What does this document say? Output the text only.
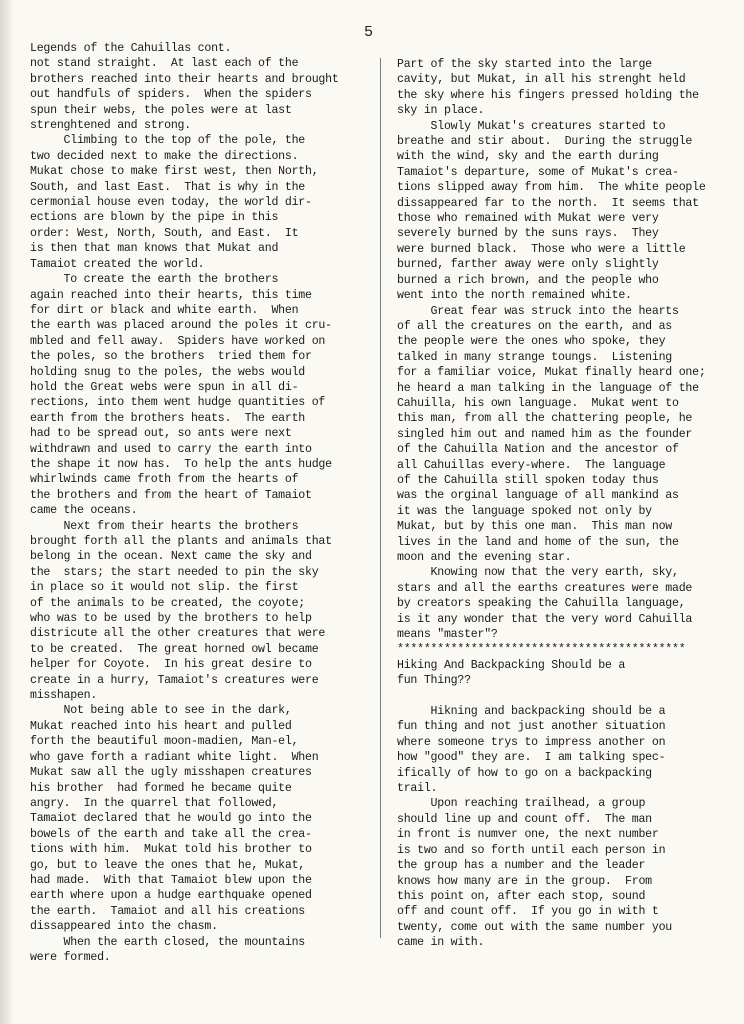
5
Legends of the Cahuillas cont.

not stand straight.  At last each of the
brothers reached into their hearts and brought
out handfuls of spiders.  When the spiders
spun their webs, the poles were at last
strenghtened and strong.

Climbing to the top of the pole, the
two decided next to make the directions.
Mukat chose to make first west, then North,
South, and last East.  That is why in the
cermonial house even today, the world dir-
ections are blown by the pipe in this
order: West, North, South, and East.  It
is then that man knows that Mukat and
Tamaiot created the world.

To create the earth the brothers
again reached into their hearts, this time
for dirt or black and white earth.  When
the earth was placed around the poles it cru-
mbled and fell away.  Spiders have worked on
the poles, so the brothers  tried them for
holding snug to the poles, the webs would
hold the Great webs were spun in all di-
rections, into them went hudge quantities of
earth from the brothers heats.  The earth
had to be spread out, so ants were next
withdrawn and used to carry the earth into
the shape it now has.  To help the ants hudge
whirlwinds came froth from the hearts of
the brothers and from the heart of Tamaiot
came the oceans.

Next from their hearts the brothers
brought forth all the plants and animals that
belong in the ocean. Next came the sky and
the  stars; the start needed to pin the sky
in place so it would not slip. the first
of the animals to be created, the coyote;
who was to be used by the brothers to help
districute all the other creatures that were
to be created.  The great horned owl became
helper for Coyote.  In his great desire to
create in a hurry, Tamaiot's creatures were
misshapen.

Not being able to see in the dark,
Mukat reached into his heart and pulled
forth the beautiful moon-madien, Man-el,
who gave forth a radiant white light.  When
Mukat saw all the ugly misshapen creatures
his brother  had formed he became quite
angry.  In the quarrel that followed,
Tamaiot declared that he would go into the
bowels of the earth and take all the crea-
tions with him.  Mukat told his brother to
go, but to leave the ones that he, Mukat,
had made.  With that Tamaiot blew upon the
earth where upon a hudge earthquake opened
the earth.  Tamaiot and all his creations
dissappeared into the chasm.

When the earth closed, the mountains
were formed.

Part of the sky started into the large
cavity, but Mukat, in all his strenght held
the sky where his fingers pressed holding the
sky in place.

Slowly Mukat's creatures started to
breathe and stir about.  During the struggle
with the wind, sky and the earth during
Tamaiot's departure, some of Mukat's crea-
tions slipped away from him.  The white people
dissappeared far to the north.  It seems that
those who remained with Mukat were very
severely burned by the suns rays.  They
were burned black.  Those who were a little
burned, farther away were only slightly
burned a rich brown, and the people who
went into the north remained white.

Great fear was struck into the hearts
of all the creatures on the earth, and as
the people were the ones who spoke, they
talked in many strange toungs.  Listening
for a familiar voice, Mukat finally heard one;
he heard a man talking in the language of the
Cahuilla, his own language.  Mukat went to
this man, from all the chattering people, he
singled him out and named him as the founder
of the Cahuilla Nation and the ancestor of
all Cahuillas every-where.  The language
of the Cahuilla still spoken today thus
was the orginal language of all mankind as
it was the language spoked not only by
Mukat, but by this one man.  This man now
lives in the land and home of the sun, the
moon and the evening star.

Knowing now that the very earth, sky,
stars and all the earths creatures were made
by creators speaking the Cahuilla language,
is it any wonder that the very word Cahuilla
means "master"?

*******************************************

Hiking And Backpacking Should be a
fun Thing??

Hikning and backpacking should be a
fun thing and not just another situation
where someone trys to impress another on
how "good" they are.  I am talking spec-
ifically of how to go on a backpacking
trail.

Upon reaching trailhead, a group
should line up and count off.  The man
in front is numver one, the next number
is two and so forth until each person in
the group has a number and the leader
knows how many are in the group.  From
this point on, after each stop, sound
off and count off.  If you go in with t
twenty, come out with the same number you
came in with.
